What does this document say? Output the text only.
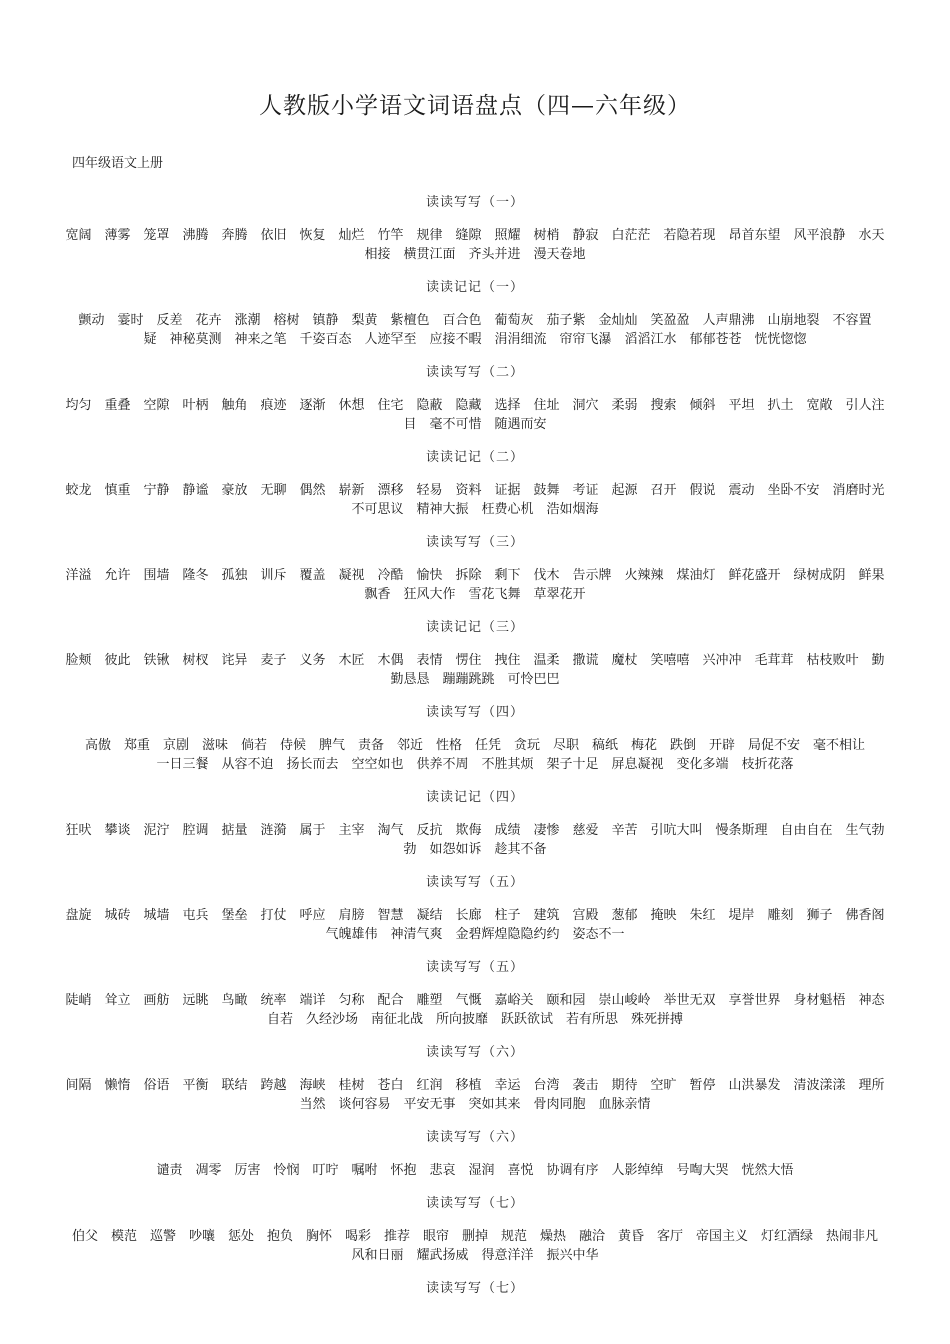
人教版小学语文词语盘点（四—六年级）
四年级语文上册
读读写写（一）
宽阔　薄雾　笼罩　沸腾　奔腾　依旧　恢复　灿烂　竹竿　规律　缝隙　照耀　树梢　静寂　白茫茫　若隐若现　昂首东望　风平浪静　水天相接　横贯江面　齐头并进　漫天卷地
读读记记（一）
颤动　霎时　反差　花卉　涨潮　榕树　镇静　梨黄　紫檀色　百合色　葡萄灰　茄子紫　金灿灿　笑盈盈　人声鼎沸　山崩地裂　不容置疑　神秘莫测　神来之笔　千姿百态　人迹罕至　应接不暇　涓涓细流　帘帘飞瀑　滔滔江水　郁郁苍苍　恍恍惚惚
读读写写（二）
均匀　重叠　空隙　叶柄　触角　痕迹　逐渐　休想　住宅　隐蔽　隐藏　选择　住址　洞穴　柔弱　搜索　倾斜　平坦　扒土　宽敞　引人注目　毫不可惜　随遇而安
读读记记（二）
蛟龙　慎重　宁静　静谧　豪放　无聊　偶然　崭新　漂移　轻易　资料　证据　鼓舞　考证　起源　召开　假说　震动　坐卧不安　消磨时光　不可思议　精神大振　枉费心机　浩如烟海
读读写写（三）
洋溢　允许　围墙　隆冬　孤独　训斥　覆盖　凝视　冷酷　愉快　拆除　剩下　伐木　告示牌　火辣辣　煤油灯　鲜花盛开　绿树成阴　鲜果飘香　狂风大作　雪花飞舞　草翠花开
读读记记（三）
脸颊　彼此　铁锹　树杈　诧异　麦子　义务　木匠　木偶　表情　愣住　拽住　温柔　撒谎　魔杖　笑嘻嘻　兴冲冲　毛茸茸　枯枝败叶　勤勤恳恳　蹦蹦跳跳　可怜巴巴
读读写写（四）
高傲　郑重　京剧　滋味　倘若　侍候　脾气　责备　邻近　性格　任凭　贪玩　尽职　稿纸　梅花　跌倒　开辟　局促不安　毫不相让　一日三餐　从容不迫　扬长而去　空空如也　供养不周　不胜其烦　架子十足　屏息凝视　变化多端　枝折花落
读读记记（四）
狂吠　攀谈　泥泞　腔调　掂量　涟漪　属于　主宰　淘气　反抗　欺侮　成绩　凄惨　慈爱　辛苦　引吭大叫　慢条斯理　自由自在　生气勃勃　如怨如诉　趁其不备
读读写写（五）
盘旋　城砖　城墙　屯兵　堡垒　打仗　呼应　肩膀　智慧　凝结　长廊　柱子　建筑　宫殿　葱郁　掩映　朱红　堤岸　雕刻　狮子　佛香阁　气魄雄伟　神清气爽　金碧辉煌隐隐约约　姿态不一
读读写写（五）
陡峭　耸立　画舫　远眺　鸟瞰　统率　端详　匀称　配合　雕塑　气慨　嘉峪关　颐和园　崇山峻岭　举世无双　享誉世界　身材魁梧　神态自若　久经沙场　南征北战　所向披靡　跃跃欲试　若有所思　殊死拼搏
读读写写（六）
间隔　懒惰　俗语　平衡　联结　跨越　海峡　桂树　苍白　红润　移植　幸运　台湾　袭击　期待　空旷　暂停　山洪暴发　清波漾漾　理所当然　谈何容易　平安无事　突如其来　骨肉同胞　血脉亲情
读读写写（六）
谴责　凋零　厉害　怜悯　叮咛　嘱咐　怀抱　悲哀　湿润　喜悦　协调有序　人影绰绰　号啕大哭　恍然大悟
读读写写（七）
伯父　模范　巡警　吵嚷　惩处　抱负　胸怀　喝彩　推荐　眼帘　删掉　规范　燥热　融洽　黄昏　客厅　帝国主义　灯红酒绿　热闹非凡　风和日丽　耀武扬威　得意洋洋　振兴中华
读读写写（七）
